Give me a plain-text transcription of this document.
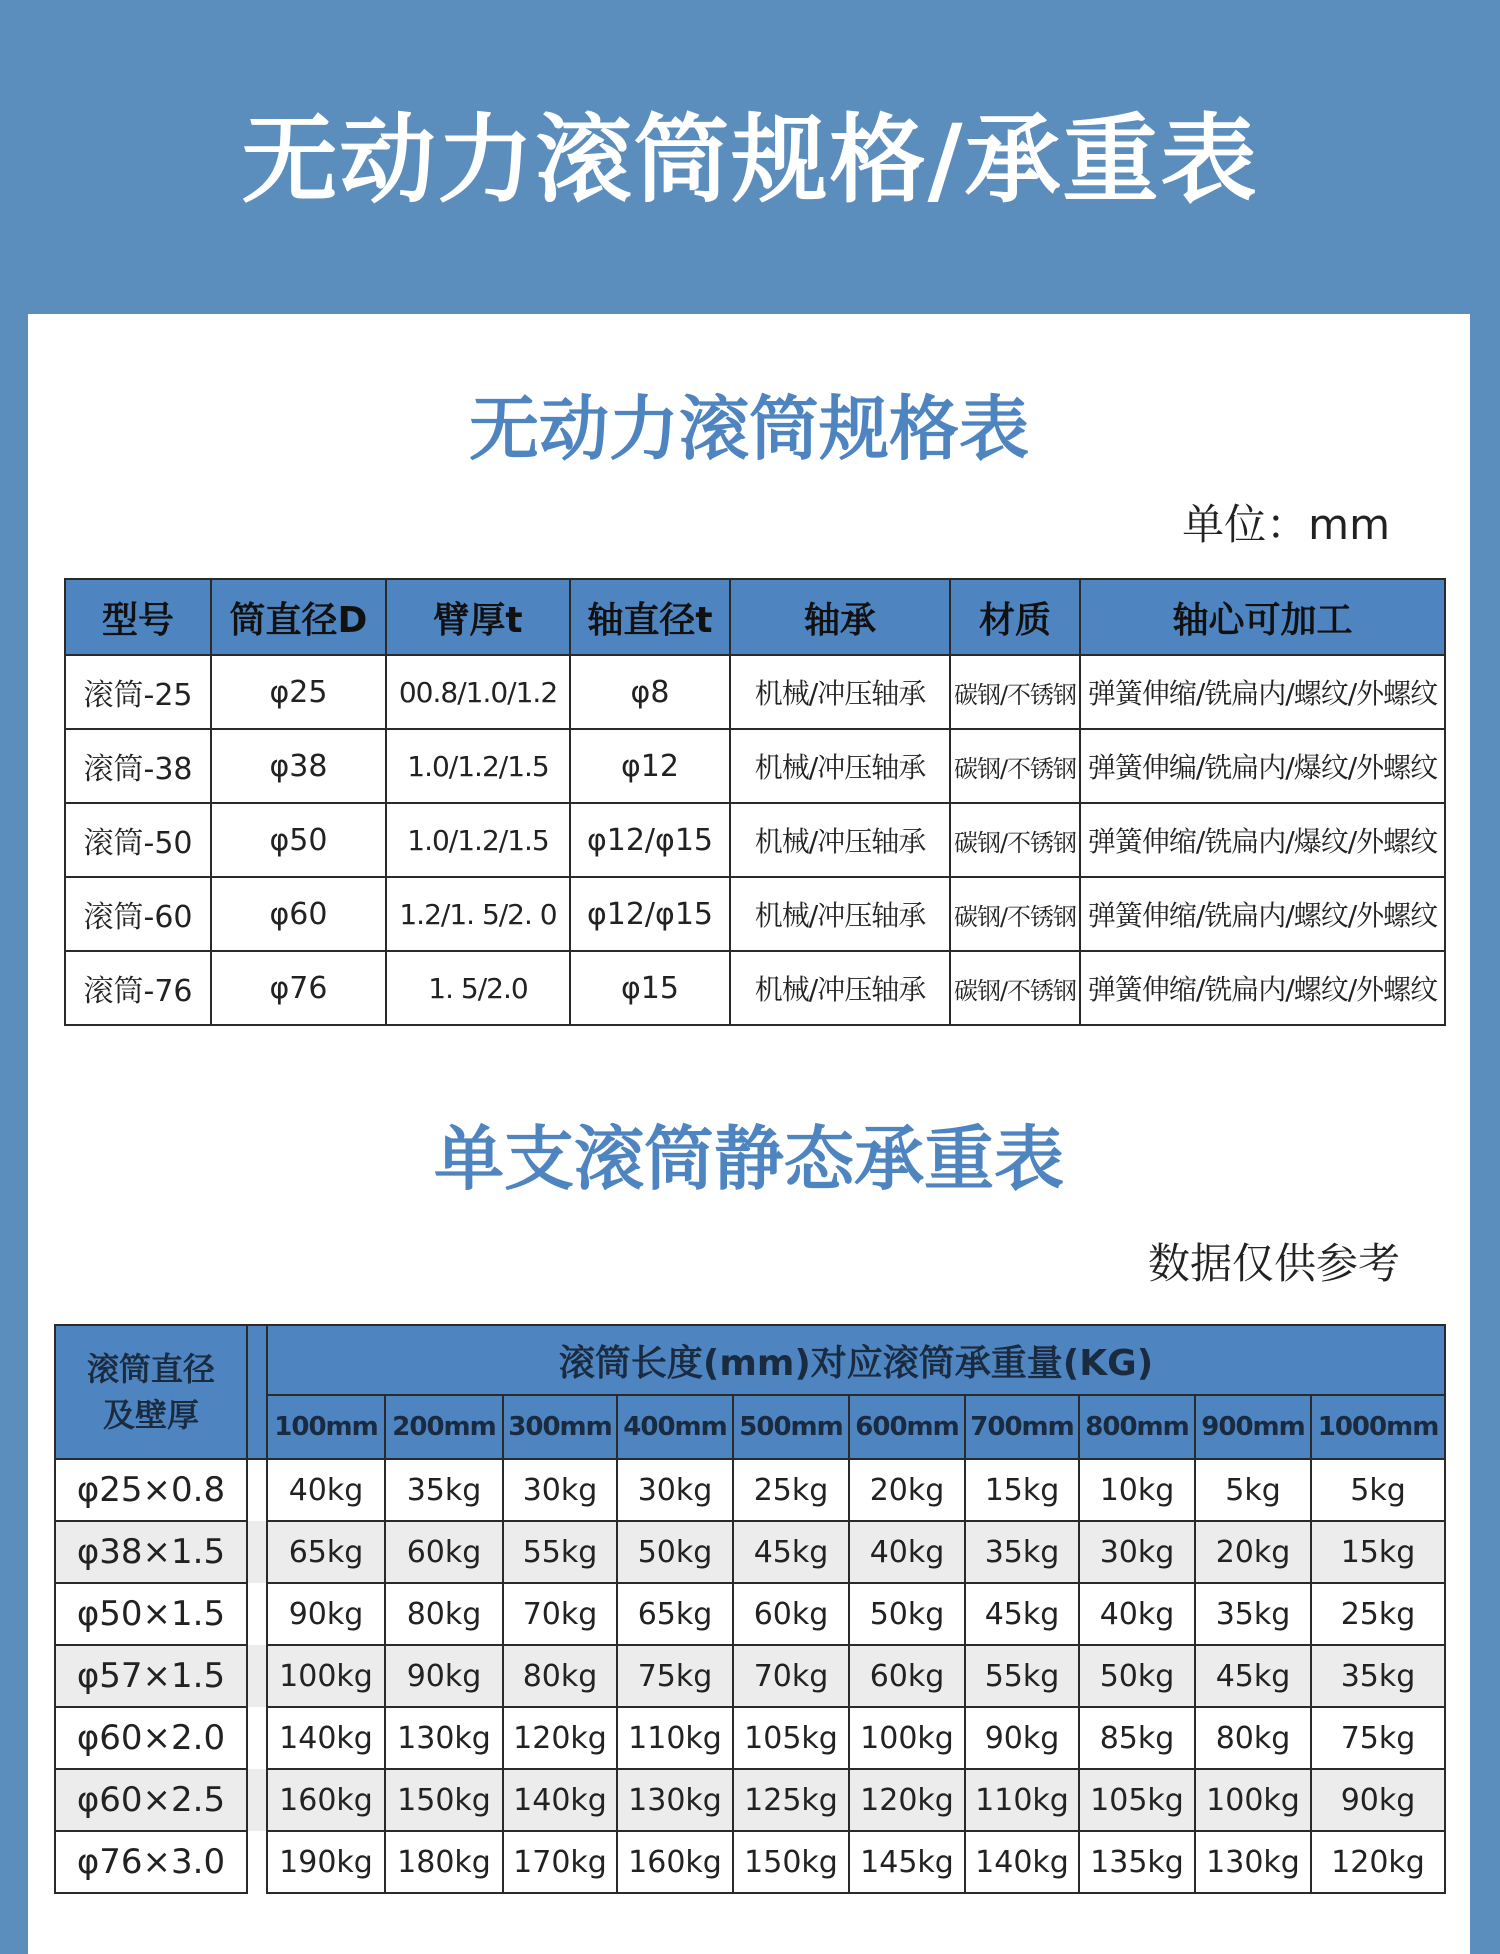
无动力滚筒规格/承重表
无动力滚筒规格表
单位：mm
型号	筒直径D	臂厚t	轴直径t	轴承	材质	轴心可加工
滚筒-25	φ25	00.8/1.0/1.2	φ8	机械/冲压轴承	碳钢/不锈钢	弹簧伸缩/铣扁内/螺纹/外螺纹
滚筒-38	φ38	1.0/1.2/1.5	φ12	机械/冲压轴承	碳钢/不锈钢	弹簧伸编/铣扁内/爆纹/外螺纹
滚筒-50	φ50	1.0/1.2/1.5	φ12/φ15	机械/冲压轴承	碳钢/不锈钢	弹簧伸缩/铣扁内/爆纹/外螺纹
滚筒-60	φ60	1.2/1. 5/2. 0	φ12/φ15	机械/冲压轴承	碳钢/不锈钢	弹簧伸缩/铣扁内/螺纹/外螺纹
滚筒-76	φ76	1. 5/2.0	φ15	机械/冲压轴承	碳钢/不锈钢	弹簧伸缩/铣扁内/螺纹/外螺纹
单支滚筒静态承重表
数据仅供参考
滚筒直径
及壁厚		滚筒长度(mm)对应滚筒承重量(KG)									
		100mm	200mm	300mm	400mm	500mm	600mm	700mm	800mm	900mm	1000mm
φ25×0.8		40kg	35kg	30kg	30kg	25kg	20kg	15kg	10kg	5kg	5kg
φ38×1.5		65kg	60kg	55kg	50kg	45kg	40kg	35kg	30kg	20kg	15kg
φ50×1.5		90kg	80kg	70kg	65kg	60kg	50kg	45kg	40kg	35kg	25kg
φ57×1.5		100kg	90kg	80kg	75kg	70kg	60kg	55kg	50kg	45kg	35kg
φ60×2.0		140kg	130kg	120kg	110kg	105kg	100kg	90kg	85kg	80kg	75kg
φ60×2.5		160kg	150kg	140kg	130kg	125kg	120kg	110kg	105kg	100kg	90kg
φ76×3.0		190kg	180kg	170kg	160kg	150kg	145kg	140kg	135kg	130kg	120kg
